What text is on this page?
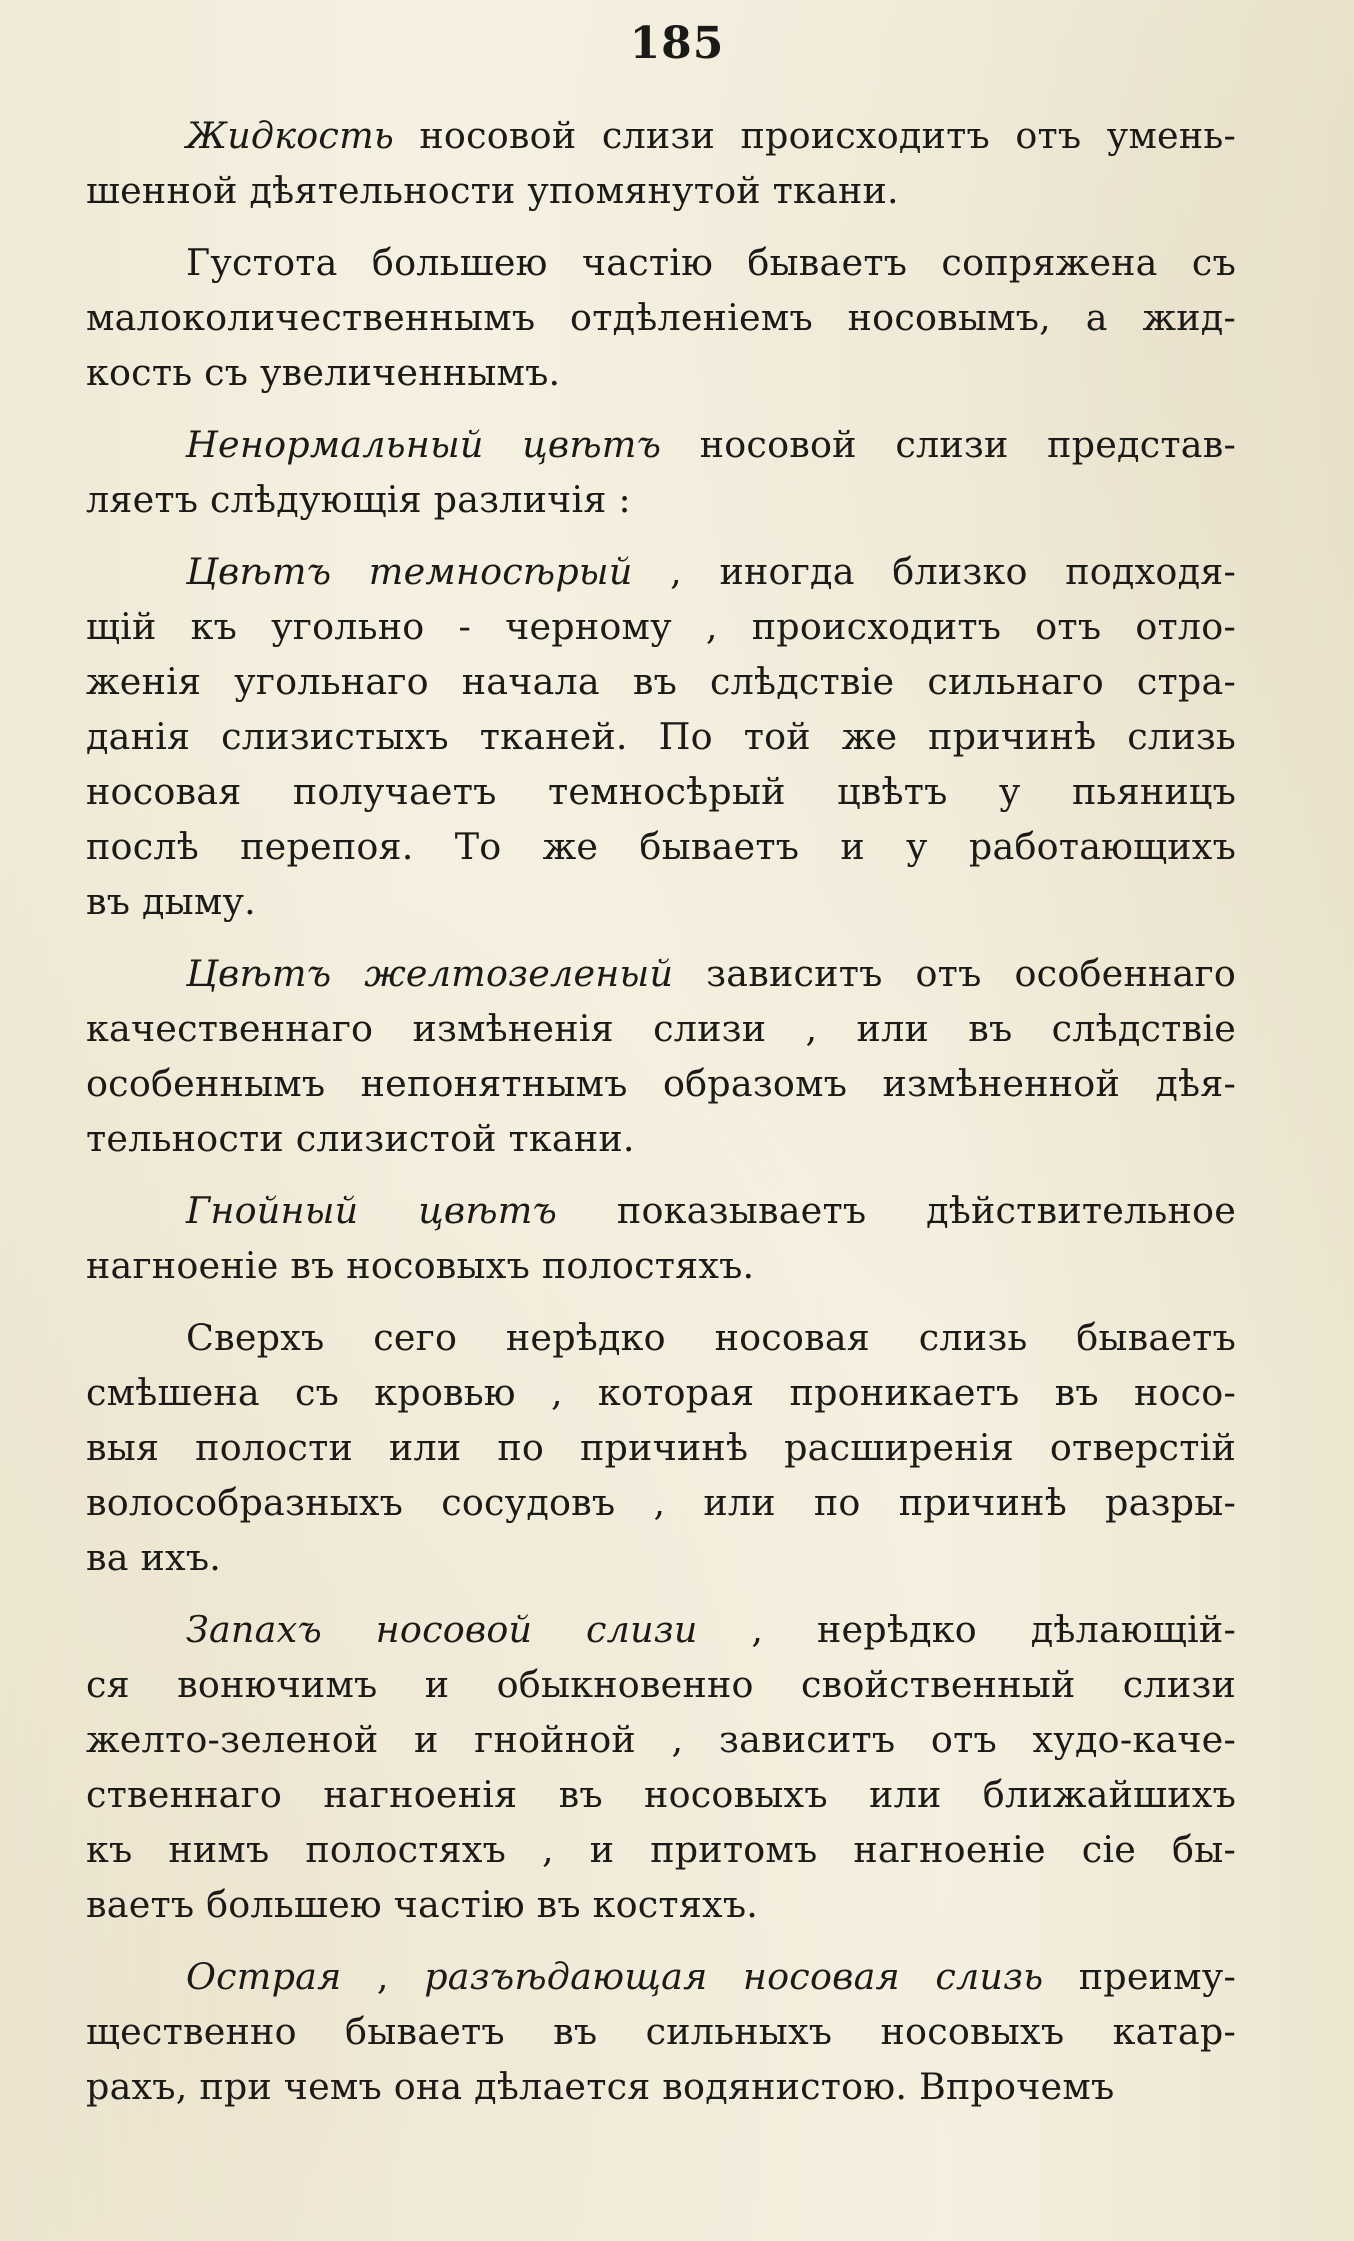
185
Жидкость носовой слизи происходитъ отъ умень-
шенной дѣятельности упомянутой ткани.
Густота большею частію бываетъ сопряжена съ
малоколичественнымъ отдѣленіемъ носовымъ, а жид-
кость съ увеличеннымъ.
Ненормальный цвѣтъ носовой слизи представ-
ляетъ слѣдующія различія :
Цвѣтъ темносѣрый , иногда близко подходя-
щій къ угольно - черному , происходитъ отъ отло-
женія угольнаго начала въ слѣдствіе сильнаго стра-
данія слизистыхъ тканей. По той же причинѣ слизь
носовая получаетъ темносѣрый цвѣтъ у пьяницъ
послѣ перепоя. То же бываетъ и у работающихъ
въ дыму.
Цвѣтъ желтозеленый зависитъ отъ особеннаго
качественнаго измѣненія слизи , или въ слѣдствіе
особеннымъ непонятнымъ образомъ измѣненной дѣя-
тельности слизистой ткани.
Гнойный цвѣтъ показываетъ дѣйствительное
нагноеніе въ носовыхъ полостяхъ.
Сверхъ сего нерѣдко носовая слизь бываетъ
смѣшена съ кровью , которая проникаетъ въ носо-
выя полости или по причинѣ расширенія отверстій
волособразныхъ сосудовъ , или по причинѣ разры-
ва ихъ.
Запахъ носовой слизи , нерѣдко дѣлающій-
ся вонючимъ и обыкновенно свойственный слизи
желто-зеленой и гнойной , зависитъ отъ худо-каче-
ственнаго нагноенія въ носовыхъ или ближайшихъ
къ нимъ полостяхъ , и притомъ нагноеніе сіе бы-
ваетъ большею частію въ костяхъ.
Острая , разъѣдающая носовая слизь преиму-
щественно бываетъ въ сильныхъ носовыхъ катар-
рахъ, при чемъ она дѣлается водянистою. Впрочемъ
